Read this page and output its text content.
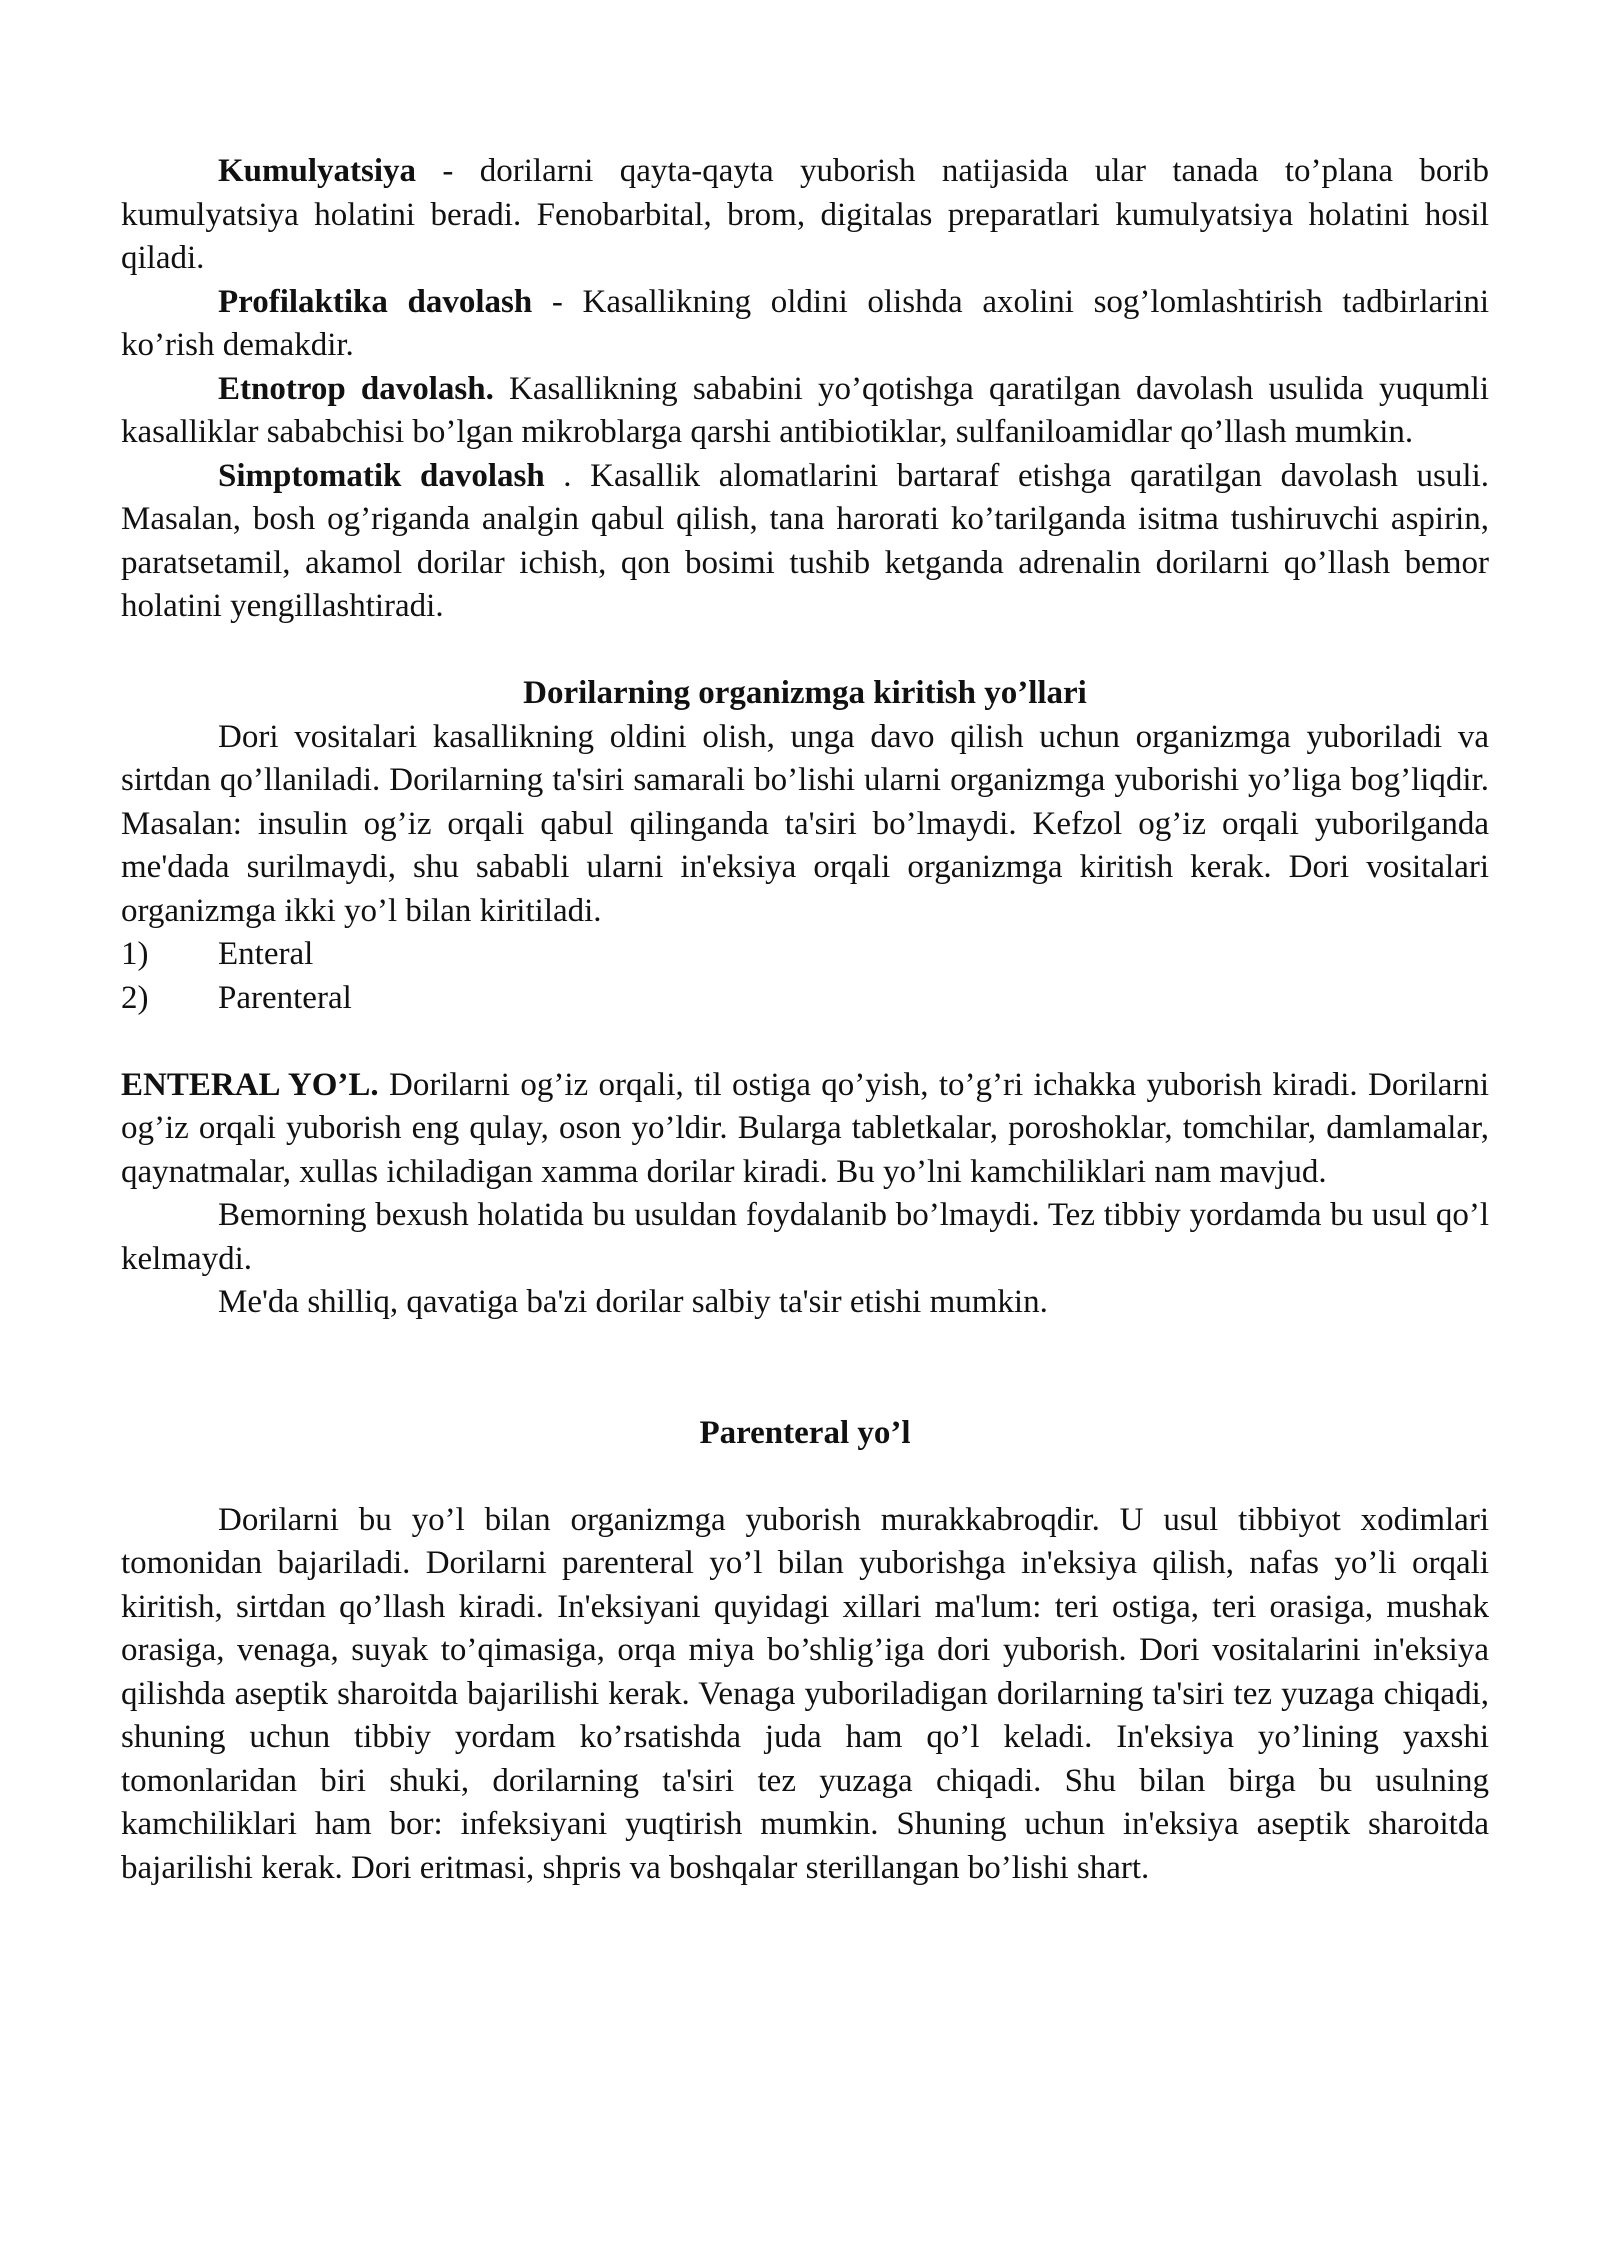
Kumulyatsiya - dorilarni qayta-qayta yuborish natijasida ular tanada to’plana borib kumulyatsiya holatini beradi. Fenobarbital, brom, digitalas preparatlari kumulyatsiya holatini hosil qiladi.

Profilaktika davolash - Kasallikning oldini olishda axolini sog’lomlashtirish tadbirlarini ko’rish demakdir.

Etnotrop davolash. Kasallikning sababini yo’qotishga qaratilgan davolash usulida yuqumli kasalliklar sababchisi bo’lgan mikroblarga qarshi antibiotiklar, sulfaniloamidlar qo’llash mumkin.

Simptomatik davolash . Kasallik alomatlarini bartaraf etishga qaratilgan davolash usuli. Masalan, bosh og’riganda analgin qabul qilish, tana harorati ko’tarilganda isitma tushiruvchi aspirin, paratsetamil, akamol dorilar ichish, qon bosimi tushib ketganda adrenalin dorilarni qo’llash bemor holatini yengillashtiradi.

Dorilarning organizmga kiritish yo’llari

Dori vositalari kasallikning oldini olish, unga davo qilish uchun organizmga yuboriladi va sirtdan qo’llaniladi. Dorilarning ta'siri samarali bo’lishi ularni organizmga yuborishi yo’liga bog’liqdir. Masalan: insulin og’iz orqali qabul qilinganda ta'siri bo’lmaydi. Kefzol og’iz orqali yuborilganda me'dada surilmaydi, shu sababli ularni in'eksiya orqali organizmga kiritish kerak. Dori vositalari organizmga ikki yo’l bilan kiritiladi.

1)	Enteral
2)	Parenteral

ENTERAL YO’L. Dorilarni og’iz orqali, til ostiga qo’yish, to’g’ri ichakka yuborish kiradi. Dorilarni og’iz orqali yuborish eng qulay, oson yo’ldir. Bularga tabletkalar, poroshoklar, tomchilar, damlamalar, qaynatmalar, xullas ichiladigan xamma dorilar kiradi. Bu yo’lni kamchiliklari nam mavjud.

Bemorning bexush holatida bu usuldan foydalanib bo’lmaydi. Tez tibbiy yordamda bu usul qo’l kelmaydi.

Me'da shilliq, qavatiga ba'zi dorilar salbiy ta'sir etishi mumkin.

Parenteral yo’l

Dorilarni bu yo’l bilan organizmga yuborish murakkabroqdir. U usul tibbiyot xodimlari tomonidan bajariladi. Dorilarni parenteral yo’l bilan yuborishga in'eksiya qilish, nafas yo’li orqali kiritish, sirtdan qo’llash kiradi. In'eksiyani quyidagi xillari ma'lum: teri ostiga, teri orasiga, mushak orasiga, venaga, suyak to’qimasiga, orqa miya bo’shlig’iga dori yuborish. Dori vositalarini in'eksiya qilishda aseptik sharoitda bajarilishi kerak. Venaga yuboriladigan dorilarning ta'siri tez yuzaga chiqadi, shuning uchun tibbiy yordam ko’rsatishda juda ham qo’l keladi. In'eksiya yo’lining yaxshi tomonlaridan biri shuki, dorilarning ta'siri tez yuzaga chiqadi. Shu bilan birga bu usulning kamchiliklari ham bor: infeksiyani yuqtirish mumkin. Shuning uchun in'eksiya aseptik sharoitda bajarilishi kerak. Dori eritmasi, shpris va boshqalar sterillangan bo’lishi shart.
